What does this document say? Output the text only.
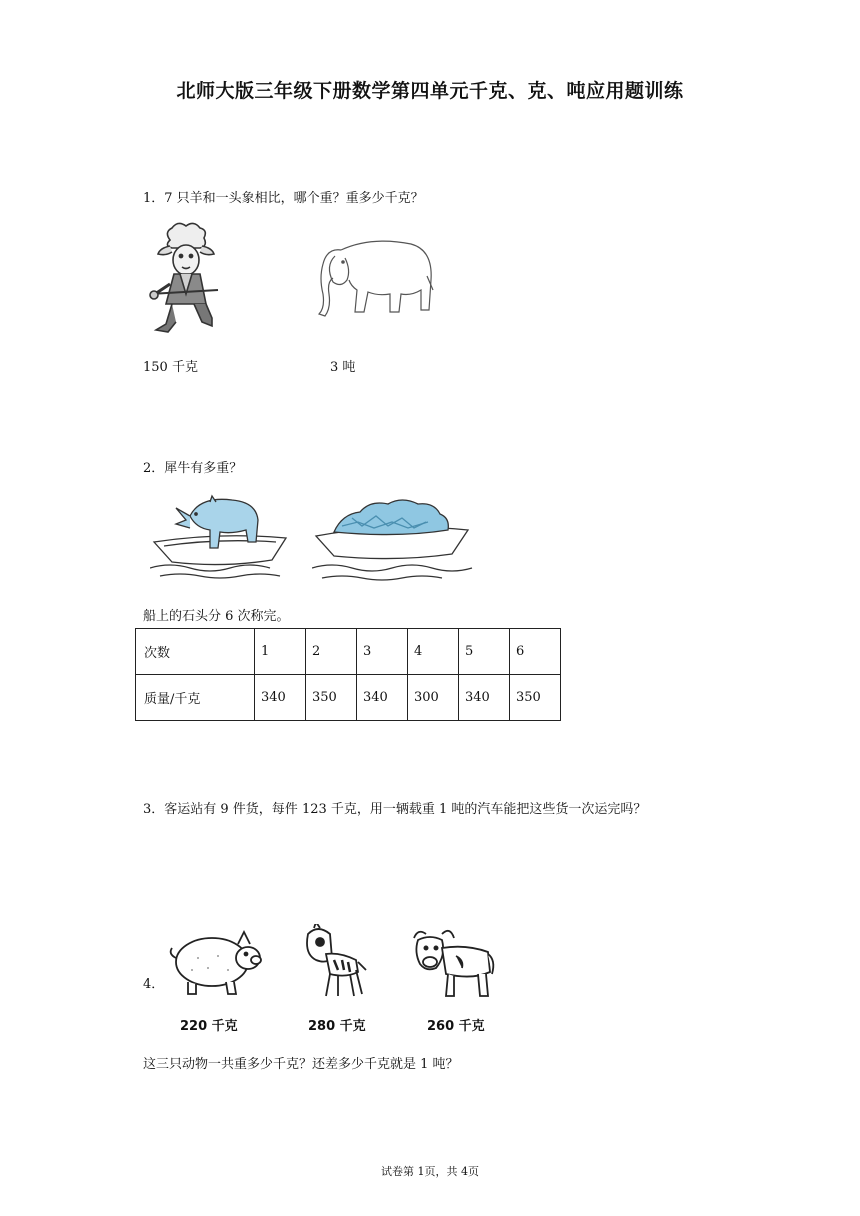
北师大版三年级下册数学第四单元千克、克、吨应用题训练
1．7 只羊和一头象相比，哪个重？重多少千克？
150 千克	3 吨
2．犀牛有多重？
船上的石头分 6 次称完。
次数	1	2	3	4	5	6
质量/千克	340	350	340	300	340	350
3．客运站有 9 件货，每件 123 千克，用一辆载重 1 吨的汽车能把这些货一次运完吗？
4．
220 千克	280 千克	260 千克
这三只动物一共重多少千克？还差多少千克就是 1 吨？
试卷第 1页，共 4页
